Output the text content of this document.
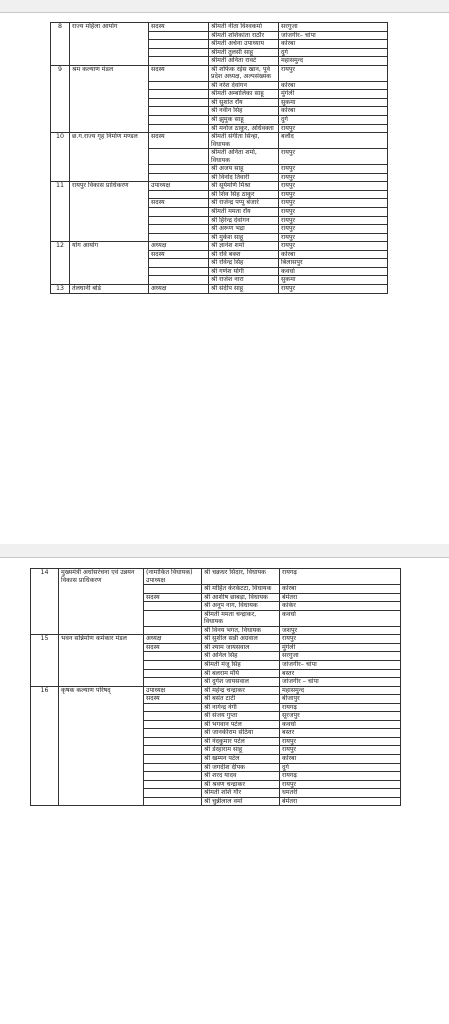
8	राज्य महिला आयोग	सदस्य	श्रीमती नीता विश्वकर्मा	सरगुजा
			श्रीमती शशिकांता राठौर	जांजगीर– चांपा
			श्रीमती अर्चना उपाध्याय	कोरबा
			श्रीमती तुलसी साहू	दुर्ग
			श्रीमती अनिता रावटे	महासमुन्द
9	श्रम कल्याण मंडल	सदस्य	श्री शफिक रईस खान, पूर्व प्रदेश अध्यक्ष, अल्पसंख्यक	रायपुर
			श्री नरेश देवांगन	कोरबा
			श्रीमती अम्बालिका साहू	मुंगेली
			श्री सुशांत राॅय	सुकमा
			श्री नवीन सिंह	कोरबा
			श्री झुमुक साहू	दुर्ग
			श्री मनोज ठाकुर, अधिवक्ता	रायपुर
10	छ.ग.राज्य गृह निर्माण मण्डल	सदस्य	श्रीमती संगीता सिन्हा, विधायक	बलौद
			श्रीमती अनिता शर्मा, विधायक	रायपुर
			श्री अजय साहू	रायपुर
			श्री विनोद तिवारी	रायपुर
11	रायपुर विकास प्राधिकरण	उपाध्यक्ष	श्री सूर्यमणि मिश्रा	रायपुर
			श्री शिव सिंह ठाकुर	रायपुर
		सदस्य	श्री राजेन्द्र पप्पू बंजारे	रायपुर
			श्रीमती ममता राॅय	रायपुर
			श्री हिरेन्द्र देवांगन	रायपुर
			श्री अरूण भद्रा	रायपुर
			श्री मुकेश साहू	रायपुर
12	योग आयोग	अध्यक्ष	श्री ज्ञानेश शर्मा	रायपुर
		सदस्य	श्री रवि बक्श	कोरबा
			श्री रविन्द्र सिंह	बिलासपुर
			श्री गणेश योगी	कवर्धा
			श्री राजेश नारा	सुकमा
13	तेलघानी बोर्ड	अध्यक्ष	श्री संदीप साहू	रायपुर
14	मुख्यमंत्री अधोसरंचना एवं उन्नयन विकास प्राधिकरण	(नामांकित विधायक) उपाध्यक्ष	श्री चक्रधर सिदार, विधायक	रायगढ़
			श्री मोहित केरकेटटा, विधायक	कोरबा
		सदस्य	श्री आशीष छाबड़ा, विधायक	बेमेतरा
			श्री अनूप नाग, विधायक	कांकेर
			श्रीमती ममता चन्द्राकर, विधायक	कवर्धा
			श्री विनय भगत, विधायक	जशपुर
15	भवन सन्निर्माण कर्मकार मंडल	अध्यक्ष	श्री सुशील सन्नी अग्रवाल	रायपुर
		सदस्य	श्री श्याम जायसवाल	मुंगेली
			श्री अनिल सिंह	सरगुजा
			श्रीमती मंजू सिंह	जांजगीर– चांपा
			श्री बलराम मौर्य	बस्तर
			श्री दुर्गेश जायसवाल	जांजगीर – चांपा
16	कृषक कल्याण परिषद्	उपाध्यक्ष	श्री महेन्द्र चन्द्राकर	महासमुन्द
		सदस्य	श्री बसंत टाटी	बीजापुर
			श्री नागेन्द्र नेगी	रायगढ़
			श्री संजय गुप्ता	सूरजपुर
			श्री भगवान पटेल	कवर्धा
			श्री जानकीराम सेठिया	बस्तर
			श्री नंदकुमार पटेल	रायपुर
			श्री डेरहाराम साहू	रायपुर
			श्री खम्मन पटेल	कोरबा
			श्री जगदीश दीपक	दुर्ग
			श्री शरद यादव	रायगढ़
			श्री श्रवण चन्द्राकर	रायपुर
			श्रीमती शशि गौर	धमतरी
			श्री चुन्नीलाल वर्मा	बेमेतरा
